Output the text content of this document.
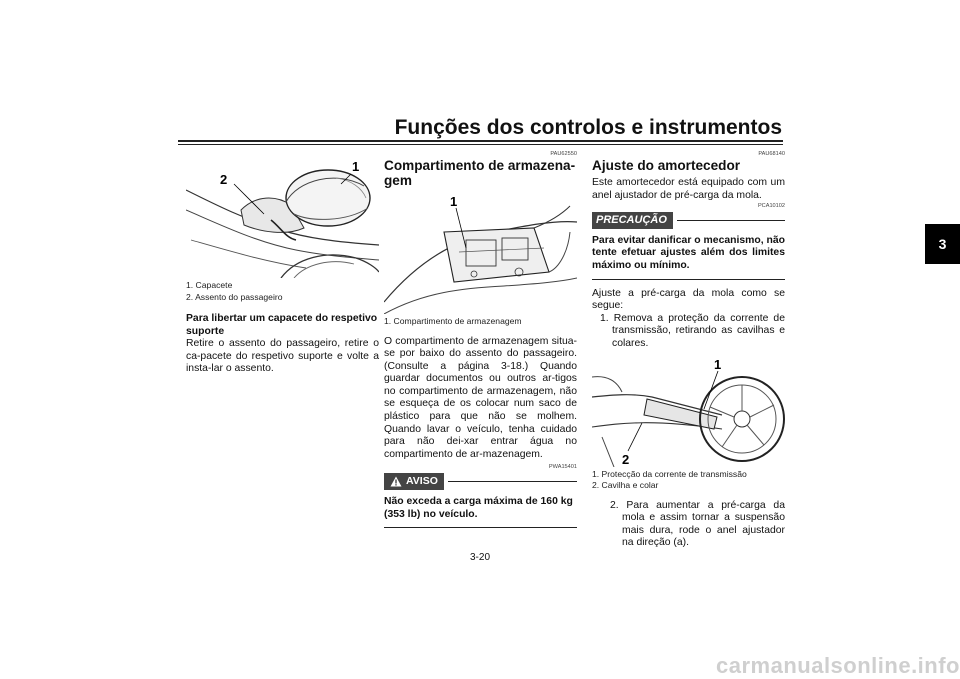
Funções dos controlos e instrumentos
3
2
1
1. Capacete
2. Assento do passageiro
Para libertar um capacete do respetivo suporte

Retire o assento do passageiro, retire o ca-pacete do respetivo suporte e volte a insta-lar o assento.

PAU62550
Compartimento de armazena-gem
1
1. Compartimento de armazenagem

O compartimento de armazenagem situa-se por baixo do assento do passageiro. (Consulte a página 3-18.) Quando guardar documentos ou outros ar-tigos no compartimento de armazenagem, não se esqueça de os colocar num saco de plástico para que não se molhem. Quando lavar o veículo, tenha cuidado para não dei-xar entrar água no compartimento de ar-mazenagem.

PWA15401
AVISO

Não exceda a carga máxima de 160 kg (353 lb) no veículo.

PAU68140
Ajuste do amortecedor

Este amortecedor está equipado com um anel ajustador de pré-carga da mola.

PCA10102
PRECAUÇÃO

Para evitar danificar o mecanismo, não tente efetuar ajustes além dos limites máximo ou mínimo.

Ajuste a pré-carga da mola como se segue:

1. Remova a proteção da corrente de transmissão, retirando as cavilhas e colares.

1
2
1. Protecção da corrente de transmissão
2. Cavilha e colar

2. Para aumentar a pré-carga da mola e assim tornar a suspensão mais dura, rode o anel ajustador na direção (a).

3-20
carmanualsonline.info
